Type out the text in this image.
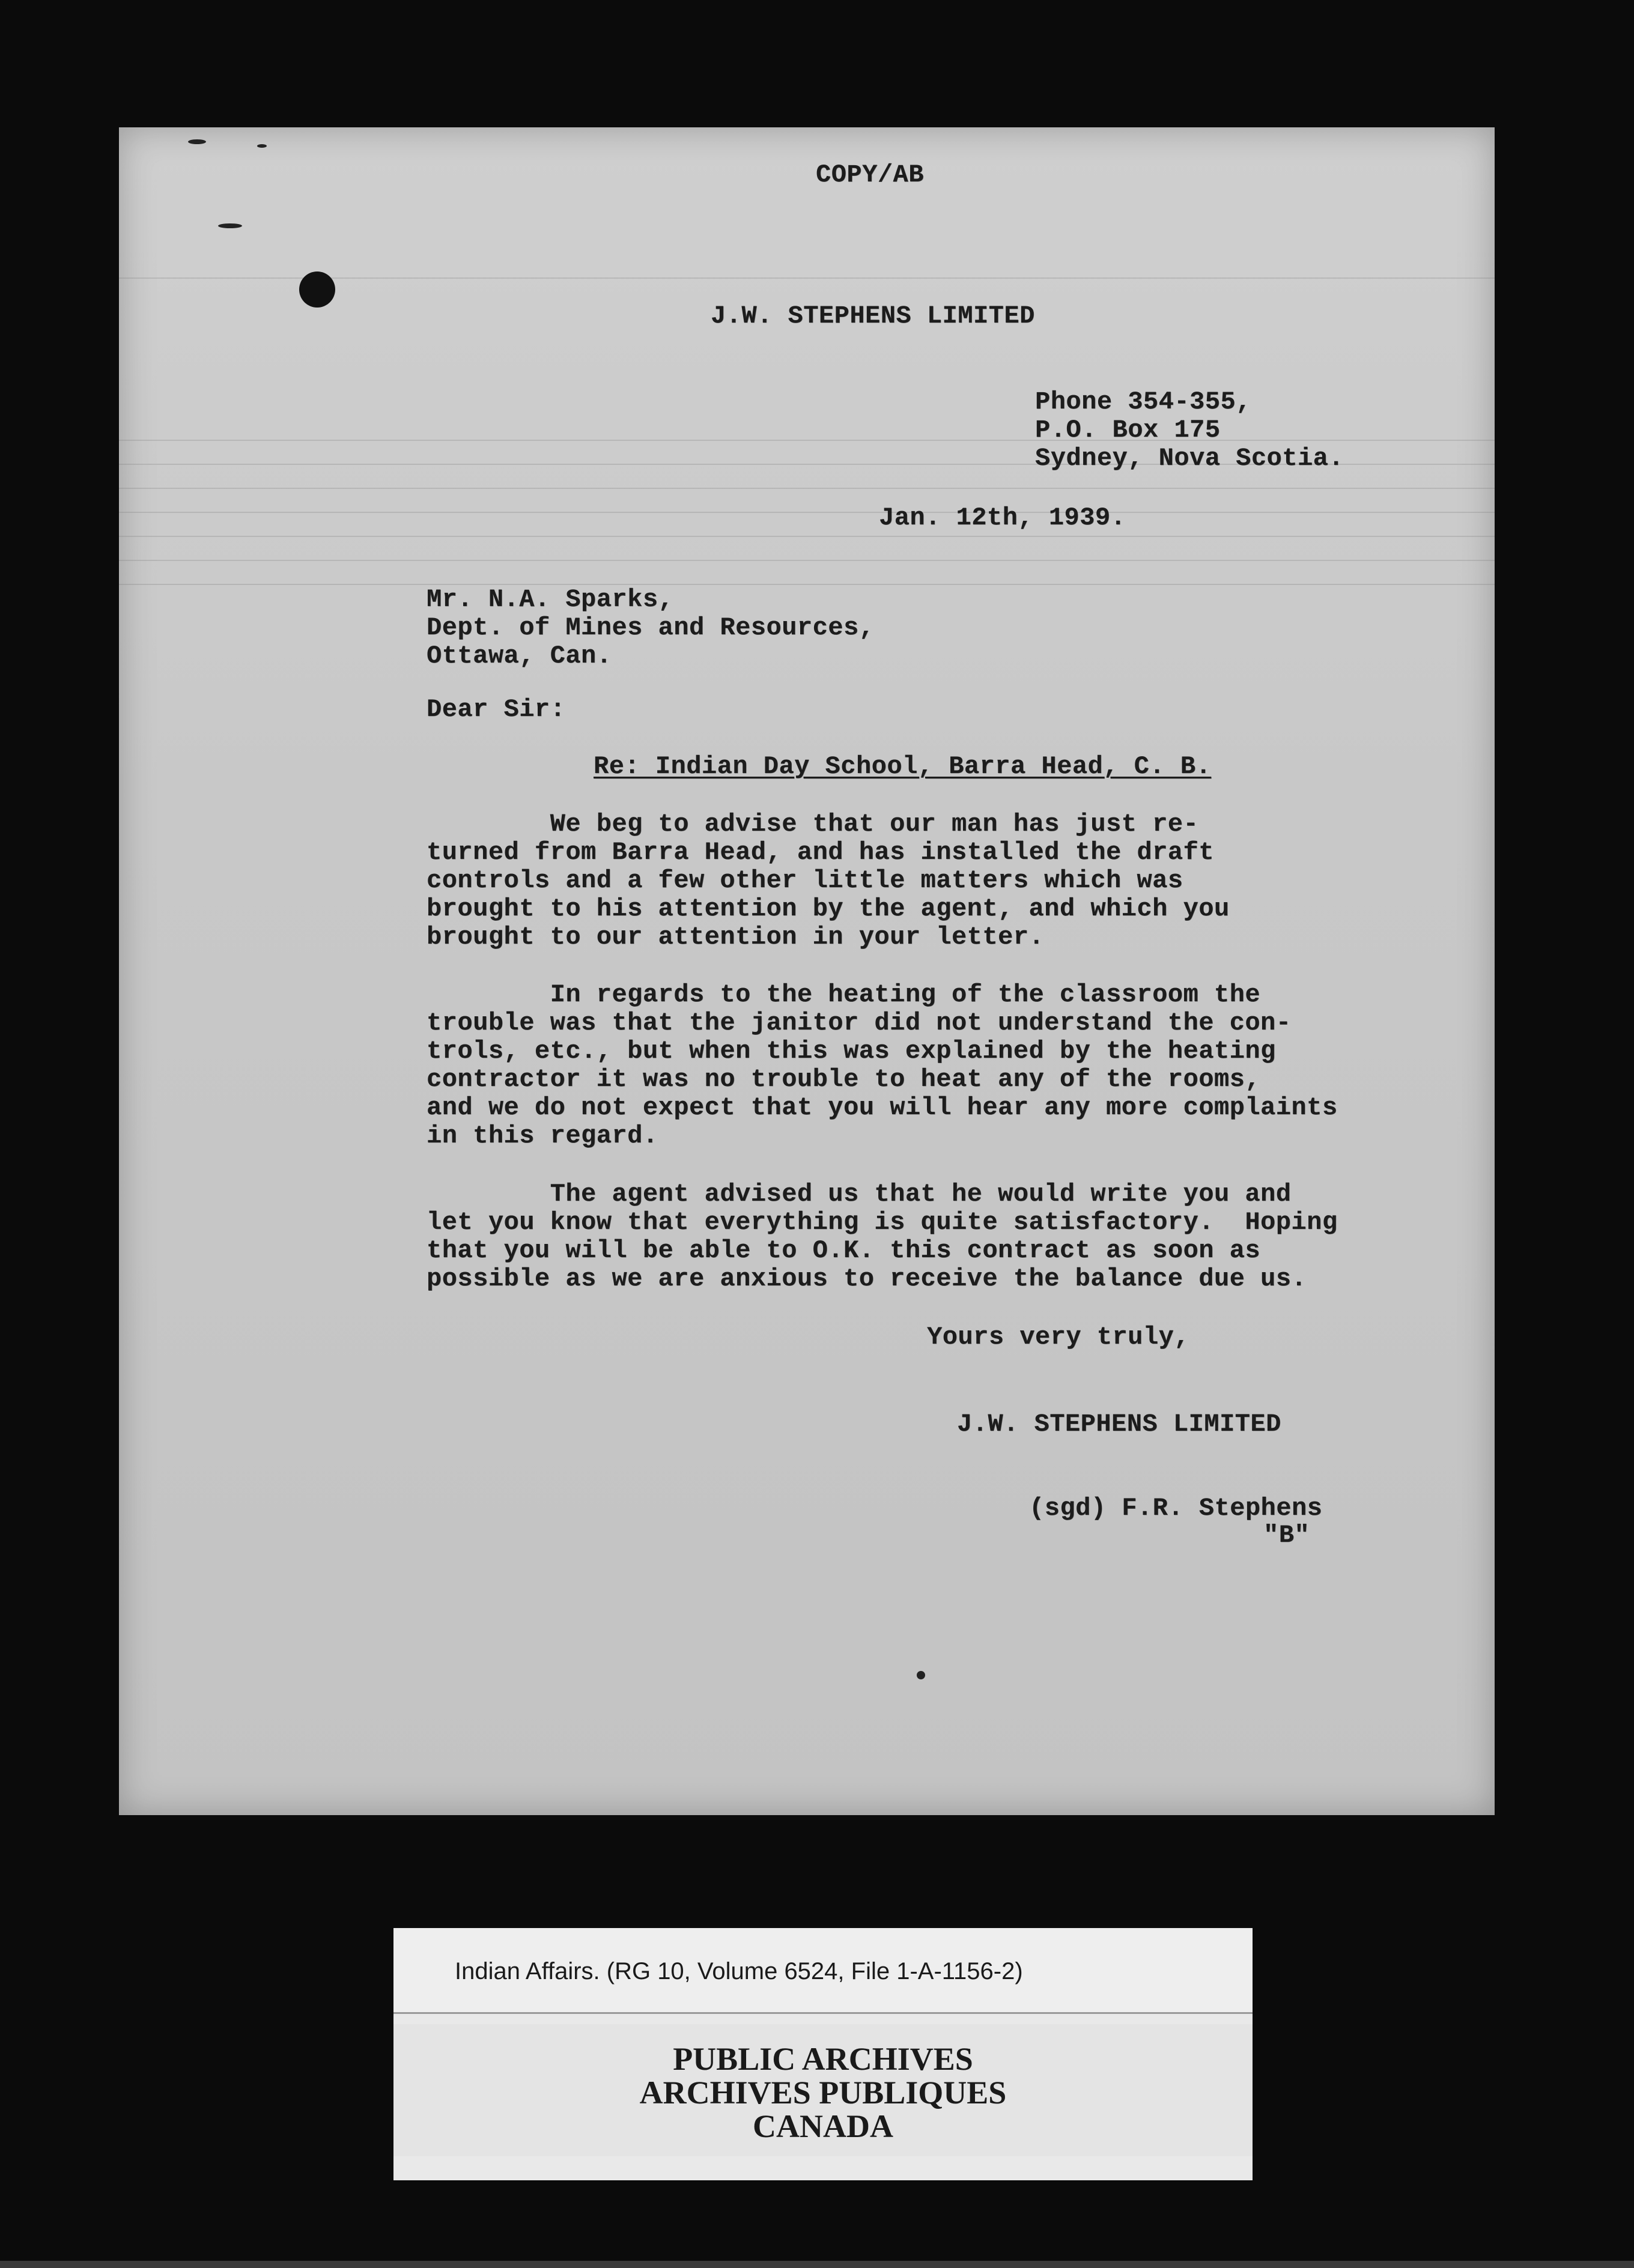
COPY/AB
J.W. STEPHENS LIMITED
Phone 354-355,
P.O. Box 175
Sydney, Nova Scotia.
Jan. 12th, 1939.
Mr. N.A. Sparks,
Dept. of Mines and Resources,
Ottawa, Can.
Dear Sir:
Re: Indian Day School, Barra Head, C. B.
We beg to advise that our man has just re-
turned from Barra Head, and has installed the draft
controls and a few other little matters which was
brought to his attention by the agent, and which you
brought to our attention in your letter.
In regards to the heating of the classroom the
trouble was that the janitor did not understand the con-
trols, etc., but when this was explained by the heating
contractor it was no trouble to heat any of the rooms,
and we do not expect that you will hear any more complaints
in this regard.
The agent advised us that he would write you and
let you know that everything is quite satisfactory.  Hoping
that you will be able to O.K. this contract as soon as
possible as we are anxious to receive the balance due us.
Yours very truly,
J.W. STEPHENS LIMITED
(sgd) F.R. Stephens
"B"
Indian Affairs. (RG 10, Volume 6524, File 1-A-1156-2)
PUBLIC ARCHIVES
ARCHIVES PUBLIQUES
CANADA
